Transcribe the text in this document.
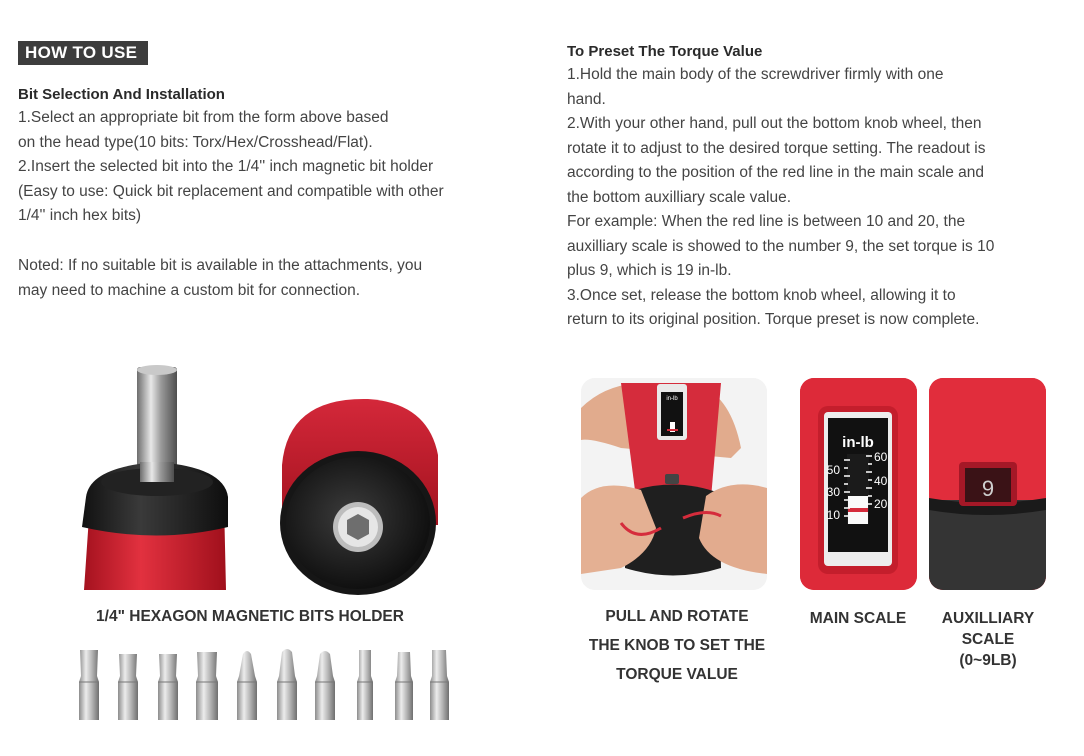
HOW TO USE
Bit Selection And Installation

1.Select an appropriate bit from the form above based

on the head type(10 bits: Torx/Hex/Crosshead/Flat).

2.Insert the selected bit into the 1/4'' inch magnetic bit holder

(Easy to use: Quick bit replacement and compatible with other

1/4'' inch hex bits)

Noted: If no suitable bit is available in the attachments, you

may need to machine a custom bit for connection.

To Preset The Torque Value

1.Hold the main body of the screwdriver firmly with one

hand.

2.With your other hand, pull out the bottom knob wheel, then

rotate it to adjust to the desired torque setting. The readout is

according to the position of the red line in the main scale and

the bottom auxilliary scale value.

For example: When the red line is between 10 and 20, the

auxilliary scale is showed to the number 9, the set torque is 10

plus 9, which is 19 in-lb.

3.Once set, release the bottom knob wheel, allowing it to

return to its original position. Torque preset is now complete.

1/4" HEXAGON MAGNETIC BITS HOLDER
in-lb
in-lb
50
30
10
60
40
20
9
PULL AND ROTATE
THE KNOB TO SET THE
TORQUE VALUE
MAIN SCALE	AUXILLIARY
SCALE
(0~9LB)
